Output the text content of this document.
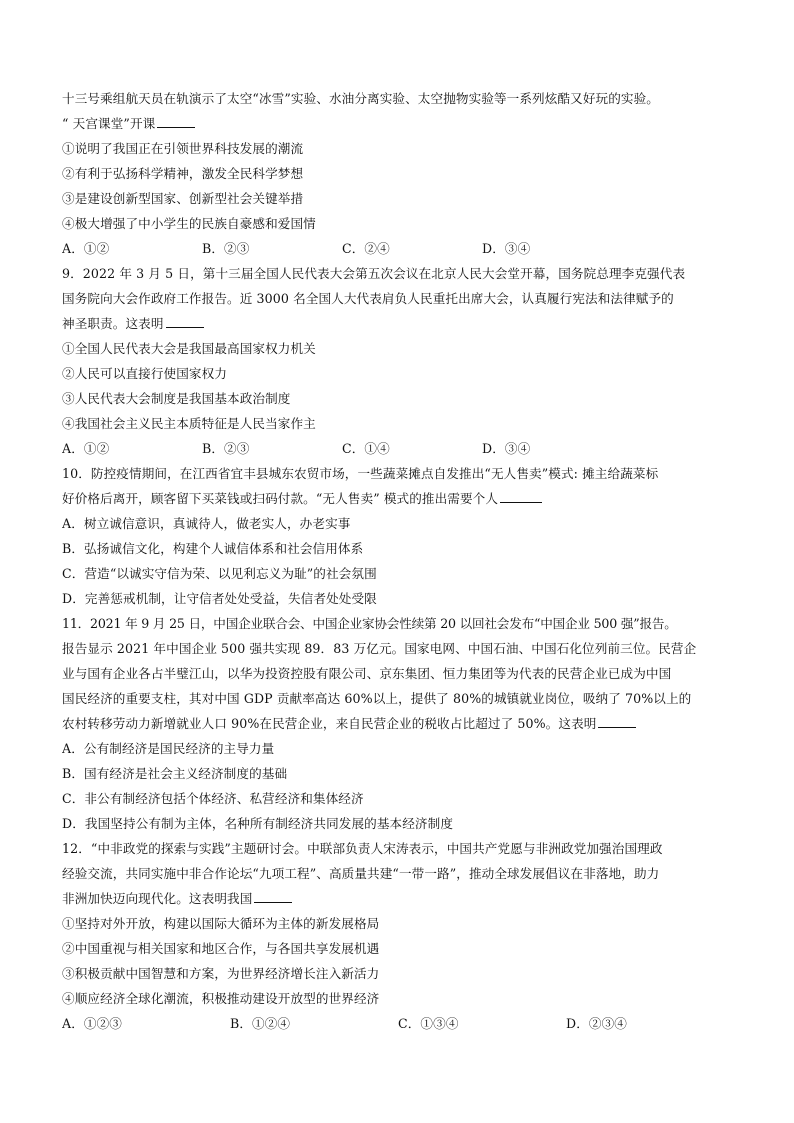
十三号乘组航天员在轨演示了太空“冰雪”实验、水油分离实验、太空抛物实验等一系列炫酷又好玩的实验。
“ 天宫课堂”开课
①说明了我国正在引领世界科技发展的潮流
②有利于弘扬科学精神，激发全民科学梦想
③是建设创新型国家、创新型社会关键举措
④极大增强了中小学生的民族自豪感和爱国情
A．①②	B．②③	C．②④	D．③④
9．2022 年 3 月 5 日，第十三届全国人民代表大会第五次会议在北京人民大会堂开幕，国务院总理李克强代表
国务院向大会作政府工作报告。近 3000 名全国人大代表肩负人民重托出席大会，认真履行宪法和法律赋予的
神圣职责。这表明
①全国人民代表大会是我国最高国家权力机关
②人民可以直接行使国家权力
③人民代表大会制度是我国基本政治制度
④我国社会主义民主本质特征是人民当家作主
A．①②	B．②③	C．①④	D．③④
10．防控疫情期间，在江西省宜丰县城东农贸市场，一些蔬菜摊点自发推出“无人售卖”模式: 摊主给蔬菜标
好价格后离开，顾客留下买菜钱或扫码付款。“无人售卖” 模式的推出需要个人
A．树立诚信意识，真诚待人，做老实人，办老实事
B．弘扬诚信文化，构建个人诚信体系和社会信用体系
C．营造“以诚实守信为荣、以见利忘义为耻”的社会氛围
D．完善惩戒机制，让守信者处处受益，失信者处处受限
11．2021 年 9 月 25 日，中国企业联合会、中国企业家协会性续第 20 以回社会发布“中国企业 500 强”报告。
报告显示 2021 年中国企业 500 强共实现 89．83 万亿元。国家电网、中国石油、中国石化位列前三位。民营企
业与国有企业各占半璧江山，以华为投资控股有限公司、京东集团、恒力集团等为代表的民营企业已成为中国
国民经济的重要支柱，其对中国 GDP 贡献率高达 60%以上，提供了 80%的城镇就业岗位，吸纳了 70%以上的
农村转移劳动力新增就业人口 90%在民营企业，来自民营企业的税收占比超过了 50%。这表明
A．公有制经济是国民经济的主导力量
B．国有经济是社会主义经济制度的基础
C．非公有制经济包括个体经济、私营经济和集体经济
D．我国坚持公有制为主体，名种所有制经济共同发展的基本经济制度
12．“中非政党的探索与实践”主题研讨会。中联部负责人宋涛表示，中国共产党愿与非洲政党加强治国理政
经验交流，共同实施中非合作论坛“九项工程”、高质量共建“一带一路”，推动全球发展倡议在非落地，助力
非洲加快迈向现代化。这表明我国
①坚持对外开放，构建以国际大循环为主体的新发展格局
②中国重视与相关国家和地区合作，与各国共享发展机遇
③积极贡献中国智慧和方案，为世界经济增长注入新活力
④顺应经济全球化潮流，积极推动建设开放型的世界经济
A．①②③	B．①②④	C．①③④	D．②③④
